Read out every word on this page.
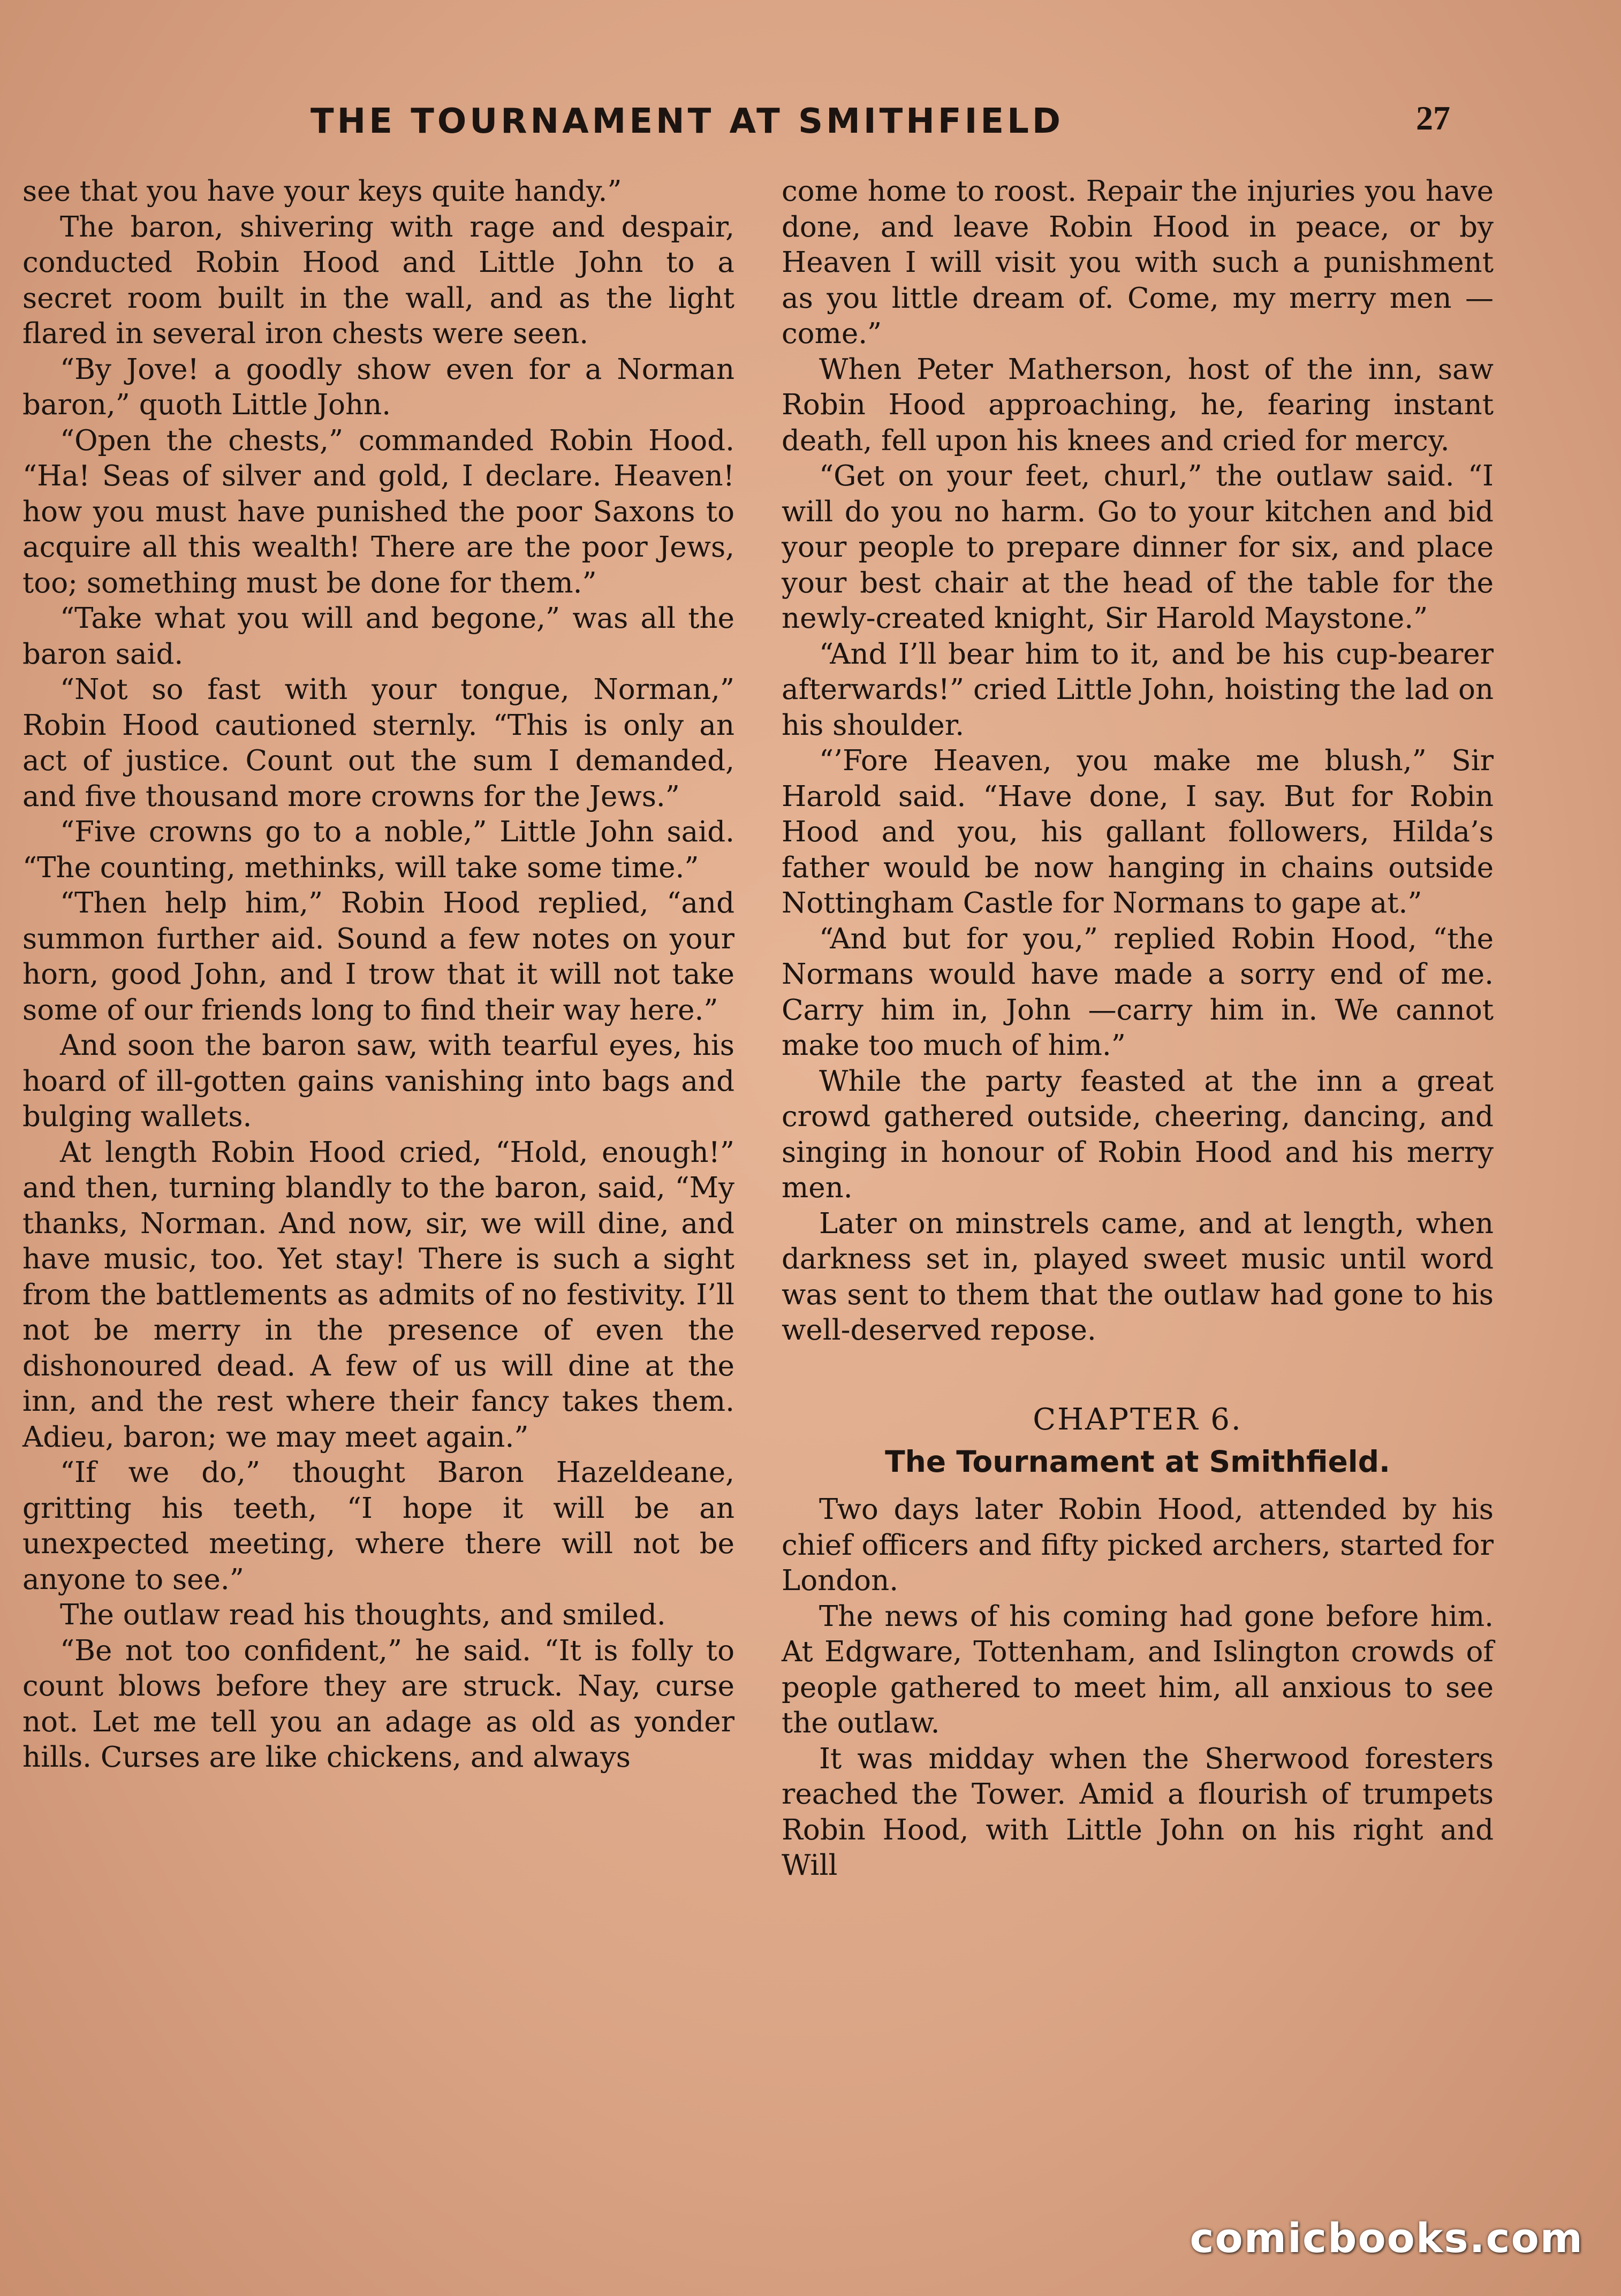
THE TOURNAMENT AT SMITHFIELD	27

see that you have your keys quite handy.”

The baron, shivering with rage and despair, conducted Robin Hood and Little John to a secret room built in the wall, and as the light flared in several iron chests were seen.

“By Jove! a goodly show even for a Norman baron,” quoth Little John.

“Open the chests,” commanded Robin Hood. “Ha! Seas of silver and gold, I declare. Heaven! how you must have punished the poor Saxons to acquire all this wealth! There are the poor Jews, too; something must be done for them.”

“Take what you will and begone,” was all the baron said.

“Not so fast with your tongue, Norman,” Robin Hood cautioned sternly. “This is only an act of justice. Count out the sum I demanded, and five thousand more crowns for the Jews.”

“Five crowns go to a noble,” Little John said. “The counting, methinks, will take some time.”

“Then help him,” Robin Hood replied, “and summon further aid. Sound a few notes on your horn, good John, and I trow that it will not take some of our friends long to find their way here.”

And soon the baron saw, with tearful eyes, his hoard of ill-gotten gains vanishing into bags and bulging wallets.

At length Robin Hood cried, “Hold, enough!” and then, turning blandly to the baron, said, “My thanks, Norman. And now, sir, we will dine, and have music, too. Yet stay! There is such a sight from the battlements as admits of no festivity. I’ll not be merry in the presence of even the dishonoured dead. A few of us will dine at the inn, and the rest where their fancy takes them. Adieu, baron; we may meet again.”

“If we do,” thought Baron Hazeldeane, gritting his teeth, “I hope it will be an unexpected meeting, where there will not be anyone to see.”

The outlaw read his thoughts, and smiled.

“Be not too confident,” he said. “It is folly to count blows before they are struck. Nay, curse not. Let me tell you an adage as old as yonder hills. Curses are like chickens, and always

come home to roost. Repair the injuries you have done, and leave Robin Hood in peace, or by Heaven I will visit you with such a punishment as you little dream of. Come, my merry men —come.”

When Peter Matherson, host of the inn, saw Robin Hood approaching, he, fearing instant death, fell upon his knees and cried for mercy.

“Get on your feet, churl,” the outlaw said. “I will do you no harm. Go to your kitchen and bid your people to prepare dinner for six, and place your best chair at the head of the table for the newly-created knight, Sir Harold Maystone.”

“And I’ll bear him to it, and be his cup-bearer afterwards!” cried Little John, hoisting the lad on his shoulder.

“’Fore Heaven, you make me blush,” Sir Harold said. “Have done, I say. But for Robin Hood and you, his gallant followers, Hilda’s father would be now hanging in chains outside Nottingham Castle for Normans to gape at.”

“And but for you,” replied Robin Hood, “the Normans would have made a sorry end of me. Carry him in, John —carry him in. We cannot make too much of him.”

While the party feasted at the inn a great crowd gathered outside, cheering, dancing, and singing in honour of Robin Hood and his merry men.

Later on minstrels came, and at length, when darkness set in, played sweet music until word was sent to them that the outlaw had gone to his well-deserved repose.

CHAPTER 6.
The Tournament at Smithfield.

Two days later Robin Hood, attended by his chief officers and fifty picked archers, started for London.

The news of his coming had gone before him. At Edgware, Tottenham, and Islington crowds of people gathered to meet him, all anxious to see the outlaw.

It was midday when the Sherwood foresters reached the Tower. Amid a flourish of trumpets Robin Hood, with Little John on his right and Will

comicbooks.com
